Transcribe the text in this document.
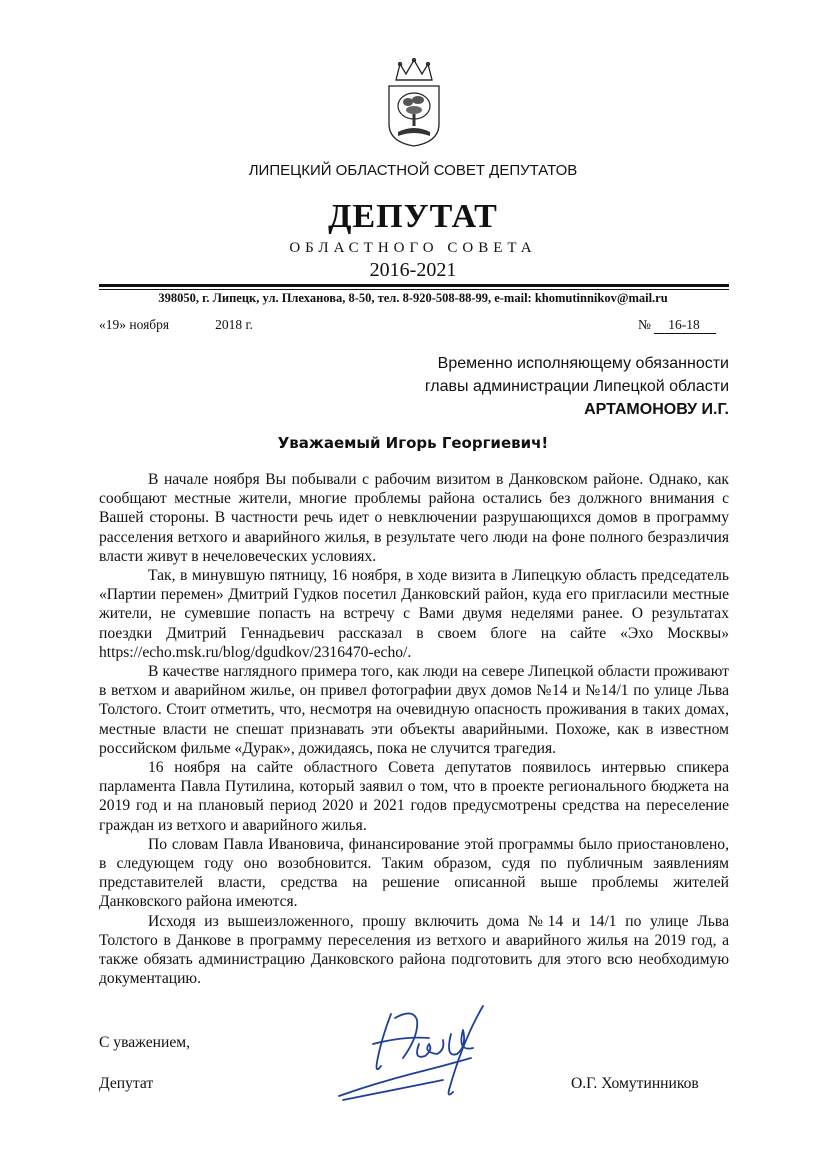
ЛИПЕЦКИЙ ОБЛАСТНОЙ СОВЕТ ДЕПУТАТОВ
ДЕПУТАТ
ОБЛАСТНОГО СОВЕТА
2016-2021
398050, г. Липецк, ул. Плеханова, 8-50, тел. 8-920-508-88-99, e-mail: khomutinnikov@mail.ru
«19» ноября	2018 г.	№ 16-18
Временно исполняющему обязанности
главы администрации Липецкой области
АРТАМОНОВУ И.Г.
Уважаемый Игорь Георгиевич!

В начале ноября Вы побывали с рабочим визитом в Данковском районе. Однако, как сообщают местные жители, многие проблемы района остались без должного внимания с Вашей стороны. В частности речь идет о невключении разрушающихся домов в программу расселения ветхого и аварийного жилья, в результате чего люди на фоне полного безразличия власти живут в нечеловеческих условиях.

Так, в минувшую пятницу, 16 ноября, в ходе визита в Липецкую область председатель «Партии перемен» Дмитрий Гудков посетил Данковский район, куда его пригласили местные жители, не сумевшие попасть на встречу с Вами двумя неделями ранее. О результатах поездки Дмитрий Геннадьевич рассказал в своем блоге на сайте «Эхо Москвы» https://echo.msk.ru/blog/dgudkov/2316470-echo/.

В качестве наглядного примера того, как люди на севере Липецкой области проживают в ветхом и аварийном жилье, он привел фотографии двух домов №14 и №14/1 по улице Льва Толстого. Стоит отметить, что, несмотря на очевидную опасность проживания в таких домах, местные власти не спешат признавать эти объекты аварийными. Похоже, как в известном российском фильме «Дурак», дожидаясь, пока не случится трагедия.

16 ноября на сайте областного Совета депутатов появилось интервью спикера парламента Павла Путилина, который заявил о том, что в проекте регионального бюджета на 2019 год и на плановый период 2020 и 2021 годов предусмотрены средства на переселение граждан из ветхого и аварийного жилья.

По словам Павла Ивановича, финансирование этой программы было приостановлено, в следующем году оно возобновится. Таким образом, судя по публичным заявлениям представителей власти, средства на решение описанной выше проблемы жителей Данковского района имеются.

Исходя из вышеизложенного, прошу включить дома №14 и 14/1 по улице Льва Толстого в Данкове в программу переселения из ветхого и аварийного жилья на 2019 год, а также обязать администрацию Данковского района подготовить для этого всю необходимую документацию.

С уважением,
Депутат	О.Г. Хомутинников
